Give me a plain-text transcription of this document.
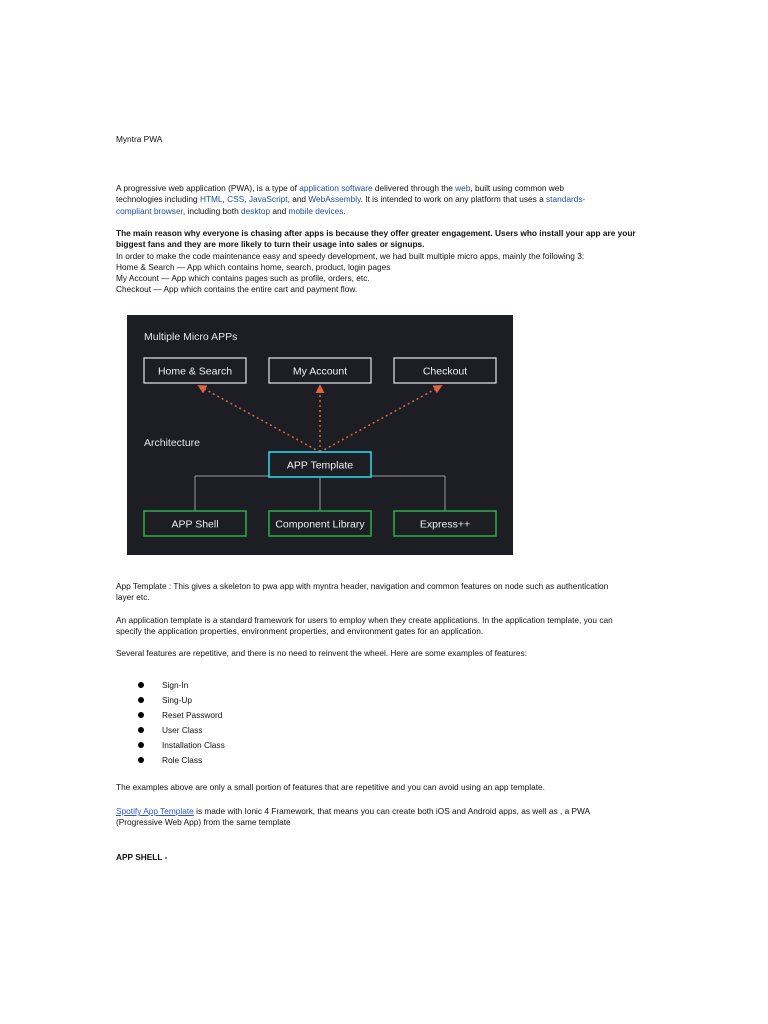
Myntra PWA
A progressive web application (PWA), is a type of application software delivered through the web, built using common web
technologies including HTML, CSS, JavaScript, and WebAssembly. It is intended to work on any platform that uses a standards-
compliant browser, including both desktop and mobile devices.
The main reason why everyone is chasing after apps is because they offer greater engagement. Users who install your app are your
biggest fans and they are more likely to turn their usage into sales or signups.
In order to make the code maintenance easy and speedy development, we had built multiple micro apps, mainly the following 3:
Home & Search — App which contains home, search, product, login pages
My Account — App which contains pages such as profile, orders, etc.
Checkout — App which contains the entire cart and payment flow.
Multiple Micro APPs
Home & Search	My Account	Checkout
Architecture
APP Template
APP Shell	Component Library	Express++
App Template : This gives a skeleton to pwa app with myntra header, navigation and common features on node such as authentication
layer etc.
An application template is a standard framework for users to employ when they create applications. In the application template, you can
specify the application properties, environment properties, and environment gates for an application.
Several features are repetitive, and there is no need to reinvent the wheel. Here are some examples of features:
Sign-In
Sing-Up
Reset Password
User Class
Installation Class
Role Class
The examples above are only a small portion of features that are repetitive and you can avoid using an app template.
Spotify App Template is made with Ionic 4 Framework, that means you can create both iOS and Android apps, as well as , a PWA
(Progressive Web App) from the same template
APP SHELL -
